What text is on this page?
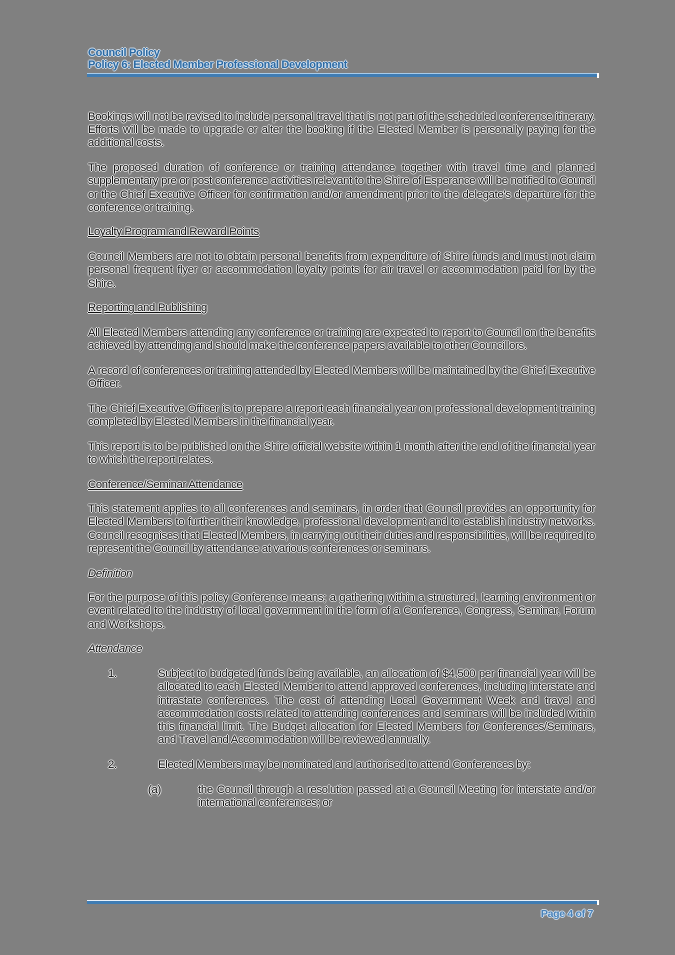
Council Policy
Policy 6: Elected Member Professional Development

Bookings will not be revised to include personal travel that is not part of the scheduled conference itinerary. Efforts will be made to upgrade or alter the booking if the Elected Member is personally paying for the additional costs.

The proposed duration of conference or training attendance together with travel time and planned supplementary pre or post conference activities relevant to the Shire of Esperance will be notified to Council or the Chief Executive Officer for confirmation and/or amendment prior to the delegate's departure for the conference or training.

Loyalty Program and Reward Points

Council Members are not to obtain personal benefits from expenditure of Shire funds and must not claim personal frequent flyer or accommodation loyalty points for air travel or accommodation paid for by the Shire.

Reporting and Publishing

All Elected Members attending any conference or training are expected to report to Council on the benefits achieved by attending and should make the conference papers available to other Councillors.

A record of conferences or training attended by Elected Members will be maintained by the Chief Executive Officer.

The Chief Executive Officer is to prepare a report each financial year on professional development training completed by Elected Members in the financial year.

This report is to be published on the Shire official website within 1 month after the end of the financial year to which the report relates.

Conference/Seminar Attendance

This statement applies to all conferences and seminars, in order that Council provides an opportunity for Elected Members to further their knowledge, professional development and to establish industry networks. Council recognises that Elected Members, in carrying out their duties and responsibilities, will be required to represent the Council by attendance at various conferences or seminars.

Definition

For the purpose of this policy Conference means; a gathering within a structured, learning environment or event related to the industry of local government in the form of a Conference, Congress, Seminar, Forum and Workshops.

Attendance
1.	Subject to budgeted funds being available, an allocation of $4,500 per financial year will be allocated to each Elected Member to attend approved conferences, including interstate and intrastate conferences. The cost of attending Local Government Week and travel and accommodation costs related to attending conferences and seminars will be included within this financial limit. The Budget allocation for Elected Members for Conferences/Seminars, and Travel and Accommodation will be reviewed annually.
2.	Elected Members may be nominated and authorised to attend Conferences by:
(a)	the Council through a resolution passed at a Council Meeting for interstate and/or international conferences; or
Page 4 of 7
